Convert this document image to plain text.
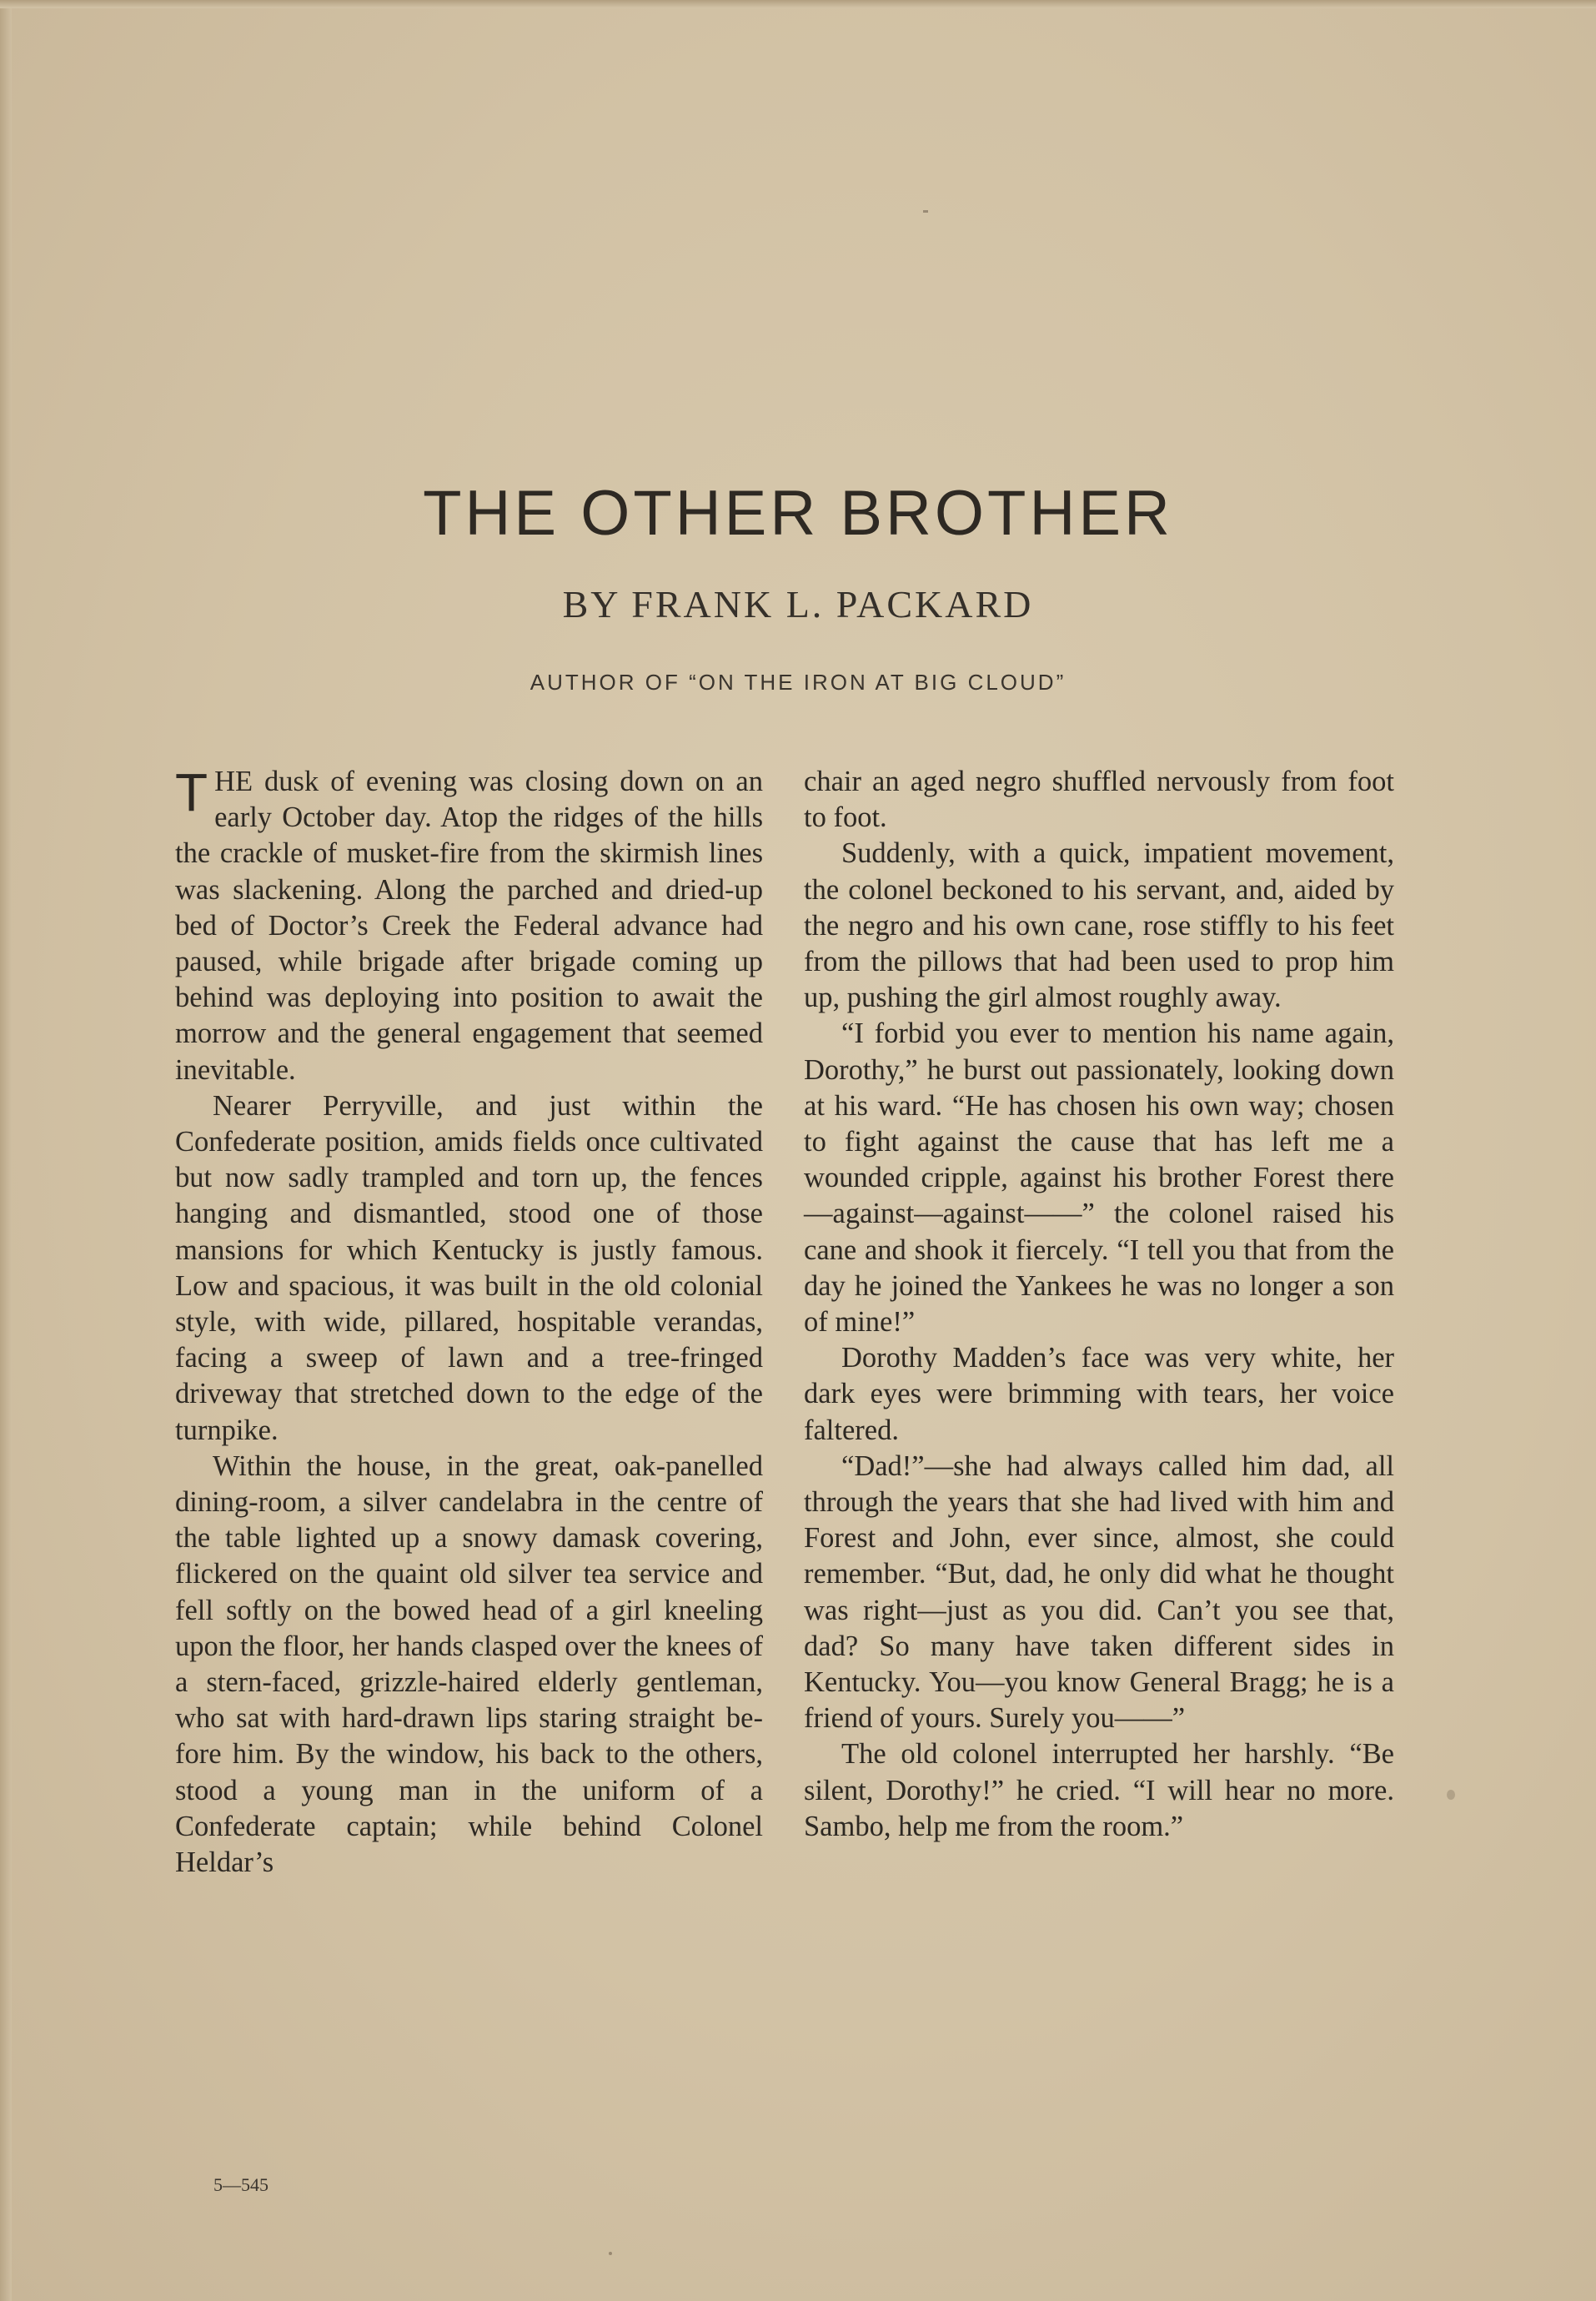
THE OTHER BROTHER
BY FRANK L. PACKARD
AUTHOR OF “ON THE IRON AT BIG CLOUD”

THE dusk of evening was closing down on an early October day. Atop the ridges of the hills the crackle of musket-fire from the skirmish lines was slackening. Along the parched and dried-up bed of Doctor’s Creek the Federal advance had paused, while brigade after brigade coming up behind was deploying into position to await the morrow and the general engagement that seemed inevitable.

Nearer Perryville, and just within the Confederate position, amids fields once cultivated but now sadly trampled and torn up, the fences hanging and dismantled, stood one of those mansions for which Kentucky is justly famous. Low and spacious, it was built in the old colonial style, with wide, pillared, hospitable verandas, facing a sweep of lawn and a tree-fringed driveway that stretched down to the edge of the turnpike.

Within the house, in the great, oak-panelled dining-room, a silver candelabra in the centre of the table lighted up a snowy damask covering, flickered on the quaint old silver tea service and fell softly on the bowed head of a girl kneeling upon the floor, her hands clasped over the knees of a stern-faced, grizzle-haired elderly gentleman, who sat with hard-drawn lips staring straight before him. By the window, his back to the others, stood a young man in the uniform of a Confederate captain; while behind Colonel Heldar’s

chair an aged negro shuffled nervously from foot to foot.

Suddenly, with a quick, impatient movement, the colonel beckoned to his servant, and, aided by the negro and his own cane, rose stiffly to his feet from the pillows that had been used to prop him up, pushing the girl almost roughly away.

“I forbid you ever to mention his name again, Dorothy,” he burst out passionately, looking down at his ward. “He has chosen his own way; chosen to fight against the cause that has left me a wounded cripple, against his brother Forest there—against—against——” the colonel raised his cane and shook it fiercely. “I tell you that from the day he joined the Yankees he was no longer a son of mine!”

Dorothy Madden’s face was very white, her dark eyes were brimming with tears, her voice faltered.

“Dad!”—she had always called him dad, all through the years that she had lived with him and Forest and John, ever since, almost, she could remember. “But, dad, he only did what he thought was right—just as you did. Can’t you see that, dad? So many have taken different sides in Kentucky. You—you know General Bragg; he is a friend of yours. Surely you——”

The old colonel interrupted her harshly. “Be silent, Dorothy!” he cried. “I will hear no more. Sambo, help me from the room.”

5—545
